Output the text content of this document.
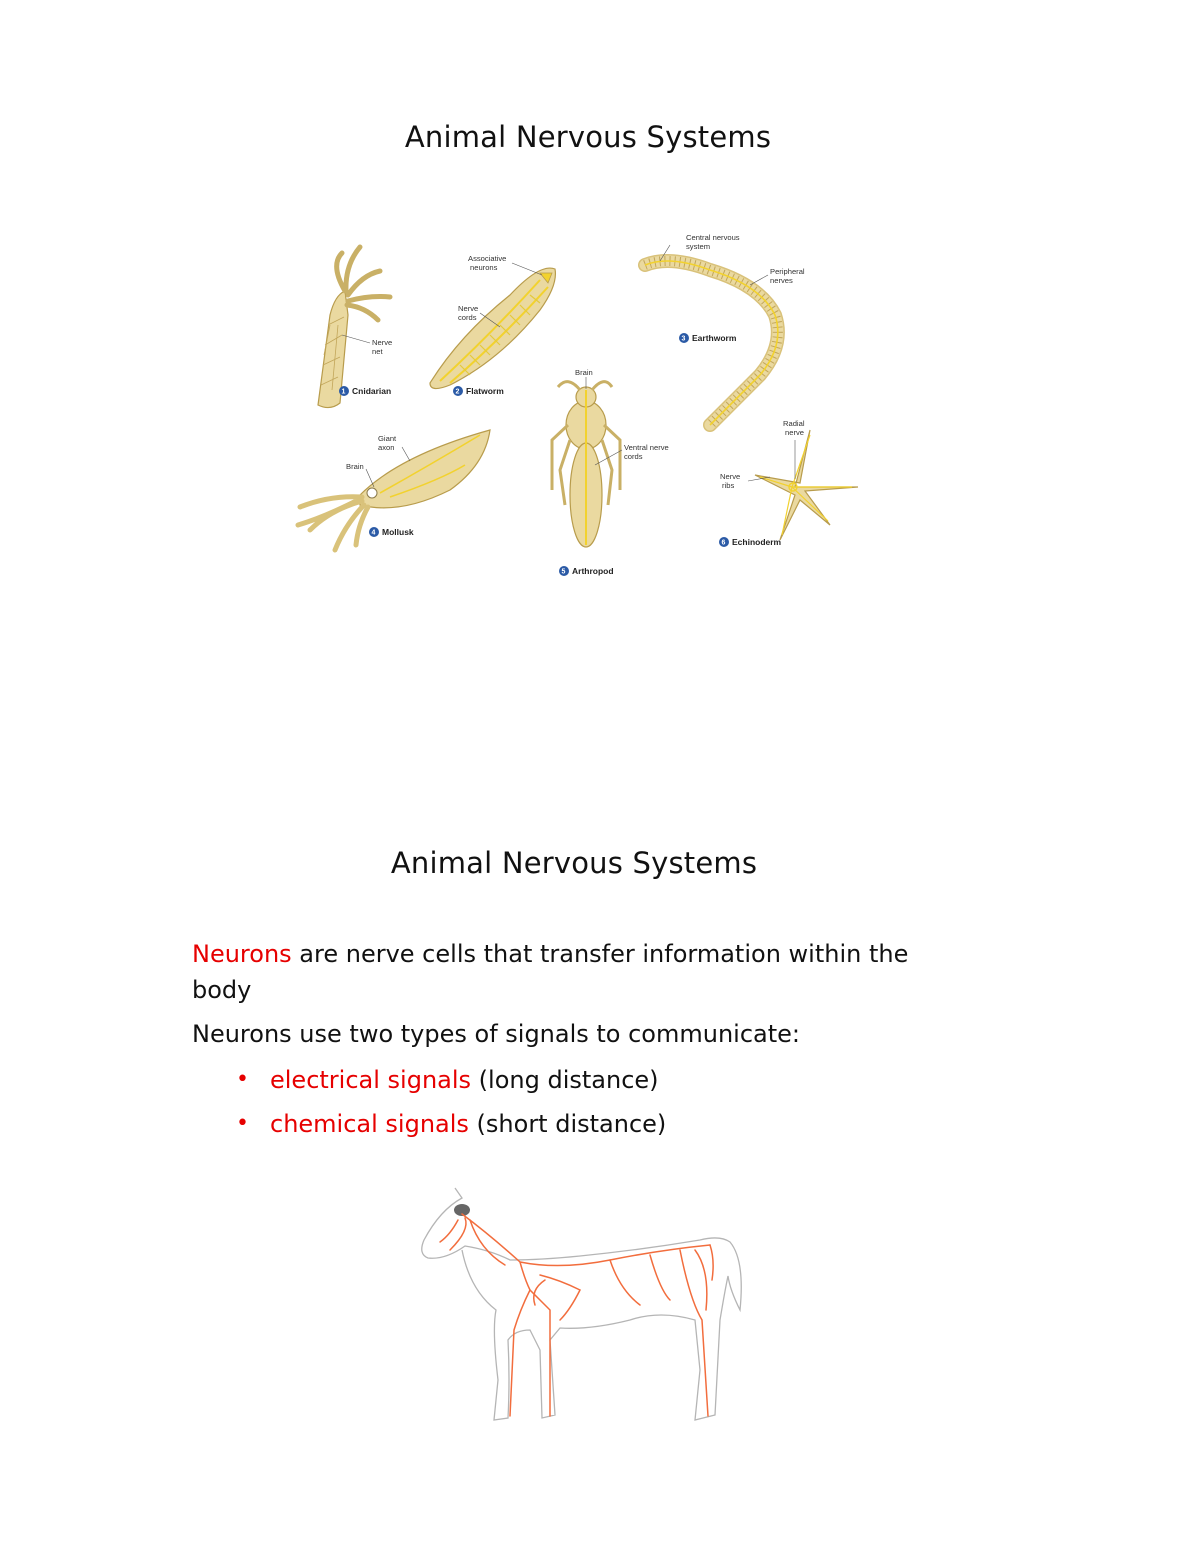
Animal Nervous Systems
Nerve
net
1 Cnidarian
Associative
neurons
Nerve
cords
2 Flatworm
Central nervous
system
Peripheral
nerves
3 Earthworm
Giant
axon
Brain
4 Mollusk
Brain
Ventral nerve
cords
5 Arthropod
Radial
nerve
Nerve
ribs
6 Echinoderm
Animal Nervous Systems
Neurons are nerve cells that transfer information within the body
Neurons use two types of signals to communicate:
• electrical signals (long distance)
• chemical signals (short distance)
